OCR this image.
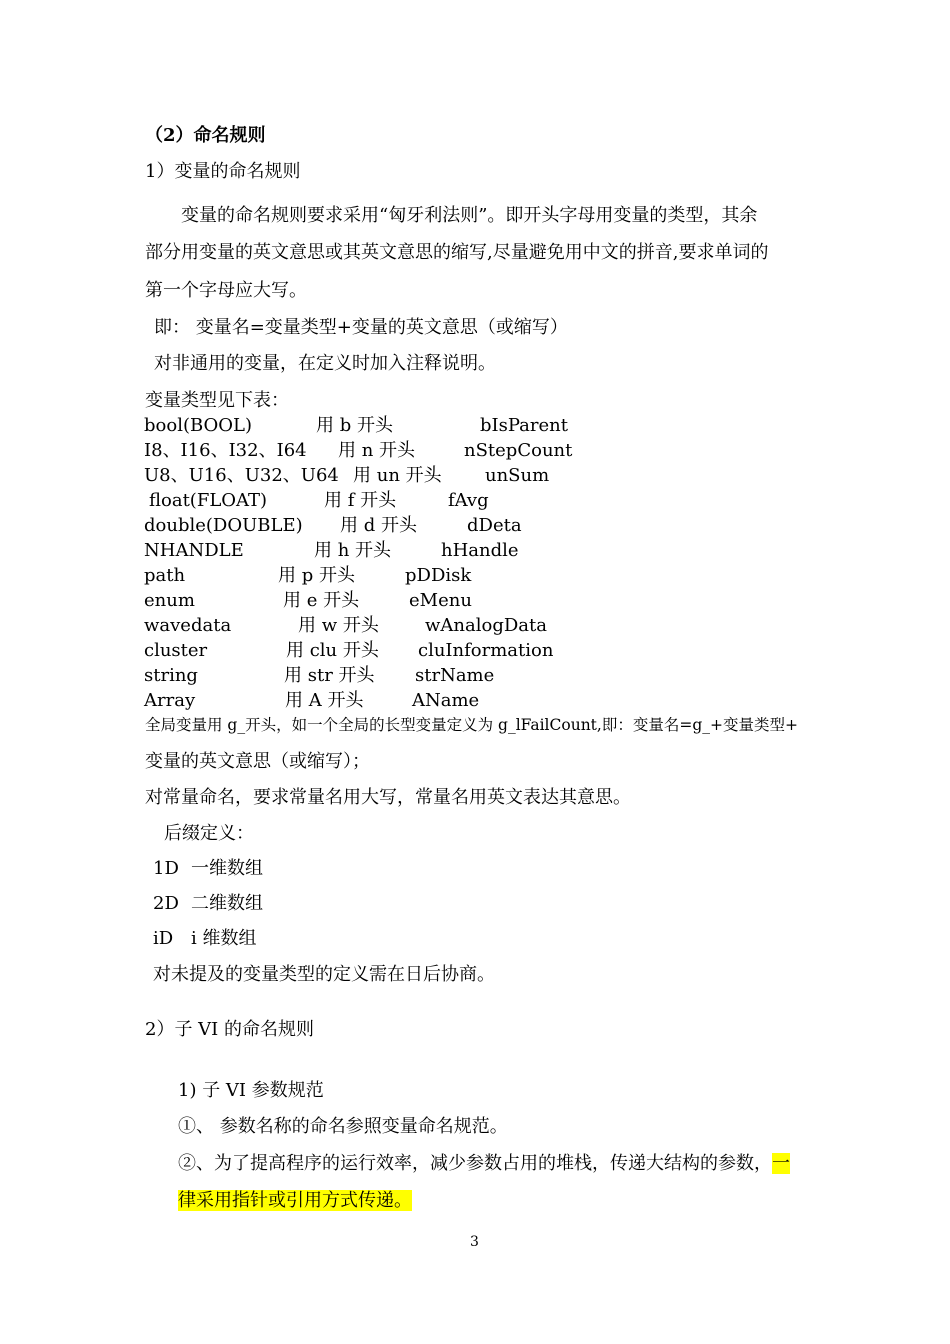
（2）命名规则
1）变量的命名规则
变量的命名规则要求采用“匈牙利法则”。即开头字母用变量的类型，其余
部分用变量的英文意思或其英文意思的缩写,尽量避免用中文的拼音,要求单词的
第一个字母应大写。
即： 变量名=变量类型+变量的英文意思（或缩写）
对非通用的变量，在定义时加入注释说明。
变量类型见下表：
bool(BOOL)	用 b 开头	bIsParent
I8、I16、I32、I64 用 n 开头	nStepCount
U8、U16、U32、U64 用 un 开头 unSum
float(FLOAT)	用 f 开头	fAvg
double(DOUBLE) 用 d 开头	dDeta
NHANDLE	用 h 开头	hHandle
path	用 p 开头	pDDisk
enum	用 e 开头	eMenu
wavedata	用 w 开头	wAnalogData
cluster	用 clu 开头 cluInformation
string	用 str 开头 strName
Array	用 A 开头	AName
全局变量用 g_开头，如一个全局的长型变量定义为 g_lFailCount,即：变量名=g_+变量类型+
变量的英文意思（或缩写）；
对常量命名，要求常量名用大写，常量名用英文表达其意思。
后缀定义：
1D 一维数组
2D 二维数组
iD i 维数组
对未提及的变量类型的定义需在日后协商。
2）子 VI 的命名规则
1) 子 VI 参数规范
①、 参数名称的命名参照变量命名规范。
②、为了提高程序的运行效率，减少参数占用的堆栈，传递大结构的参数，一
律采用指针或引用方式传递。
3
